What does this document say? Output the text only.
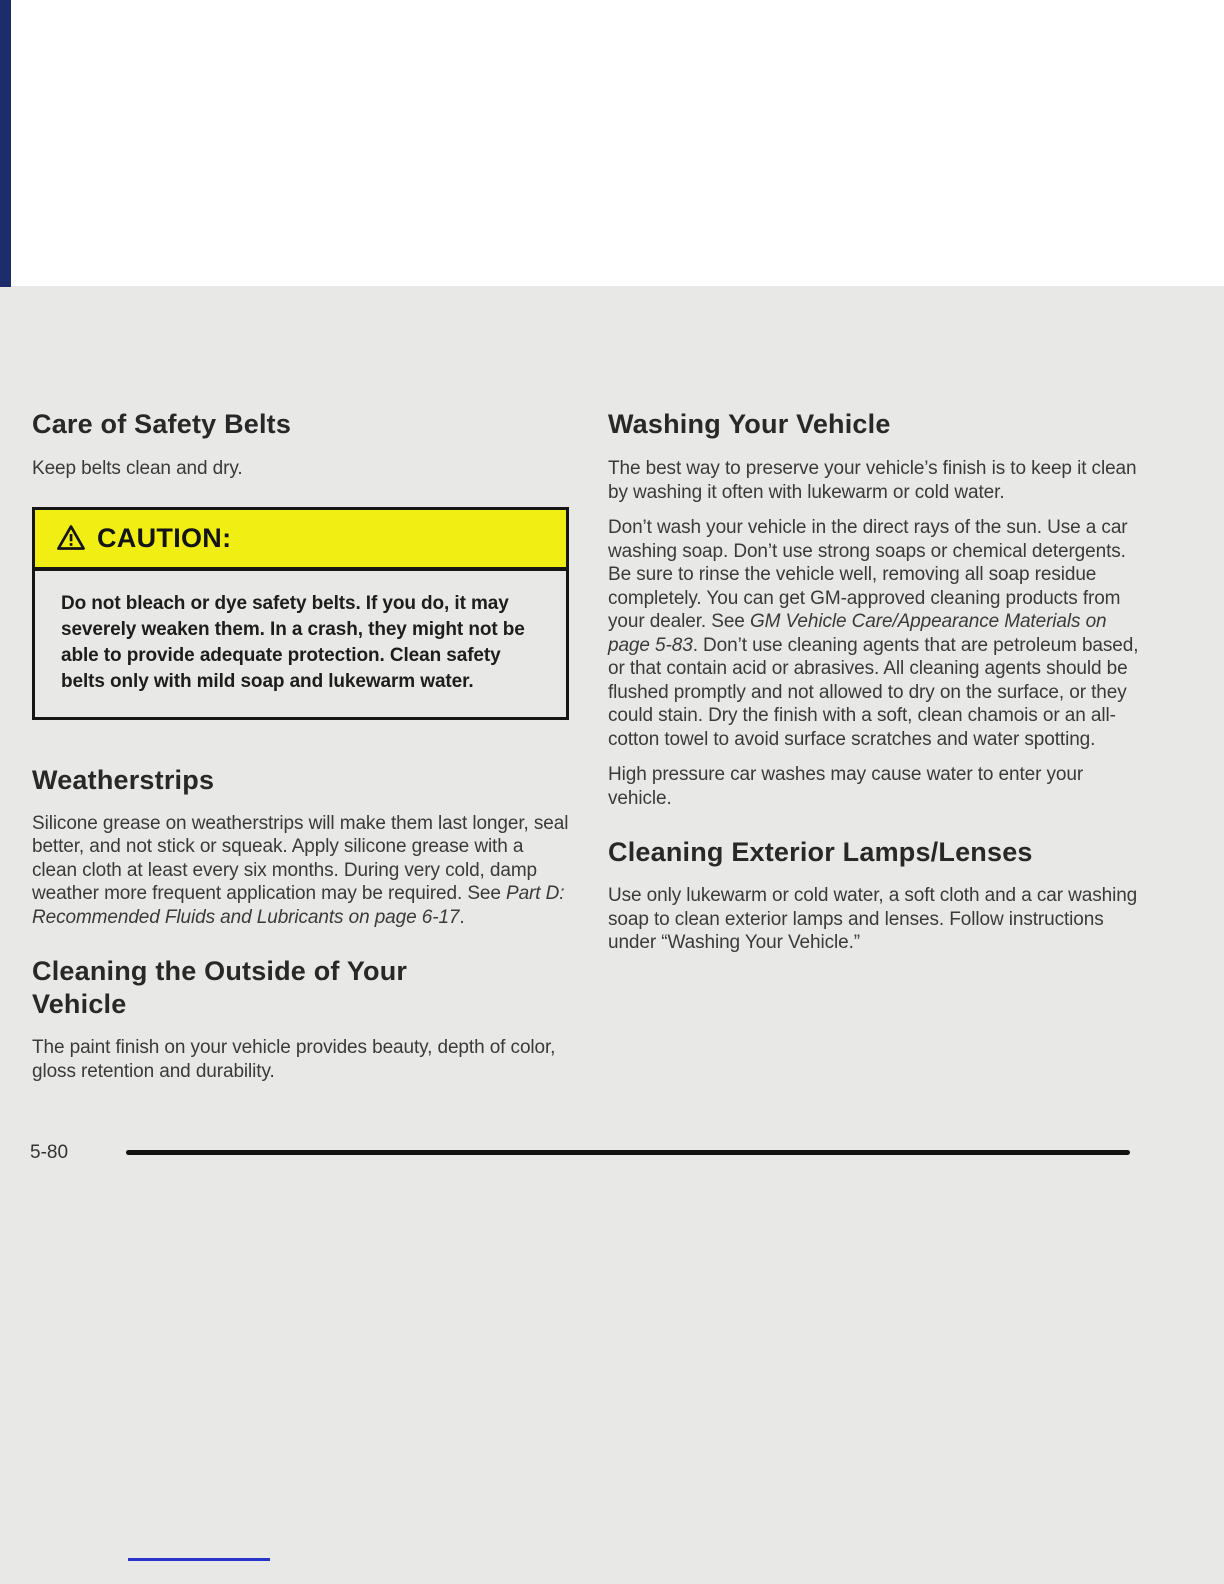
Care of Safety Belts

Keep belts clean and dry.

CAUTION:
Do not bleach or dye safety belts. If you do, it may severely weaken them. In a crash, they might not be able to provide adequate protection. Clean safety belts only with mild soap and lukewarm water.
Weatherstrips

Silicone grease on weatherstrips will make them last longer, seal better, and not stick or squeak. Apply silicone grease with a clean cloth at least every six months. During very cold, damp weather more frequent application may be required. See Part D: Recommended Fluids and Lubricants on page 6-17.

Cleaning the Outside of Your Vehicle

The paint finish on your vehicle provides beauty, depth of color, gloss retention and durability.

Washing Your Vehicle

The best way to preserve your vehicle’s finish is to keep it clean by washing it often with lukewarm or cold water.

Don’t wash your vehicle in the direct rays of the sun. Use a car washing soap. Don’t use strong soaps or chemical detergents. Be sure to rinse the vehicle well, removing all soap residue completely. You can get GM-approved cleaning products from your dealer. See GM Vehicle Care/Appearance Materials on page 5-83. Don’t use cleaning agents that are petroleum based, or that contain acid or abrasives. All cleaning agents should be flushed promptly and not allowed to dry on the surface, or they could stain. Dry the finish with a soft, clean chamois or an all-cotton towel to avoid surface scratches and water spotting.

High pressure car washes may cause water to enter your vehicle.

Cleaning Exterior Lamps/Lenses

Use only lukewarm or cold water, a soft cloth and a car washing soap to clean exterior lamps and lenses. Follow instructions under “Washing Your Vehicle.”

5-80
